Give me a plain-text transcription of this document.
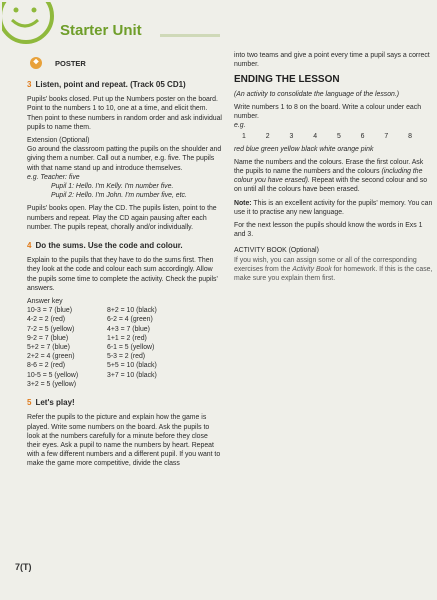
Starter Unit
❖	POSTER
3 Listen, point and repeat. (Track 05 CD1)

Pupils' books closed. Put up the Numbers poster on the board. Point to the numbers 1 to 10, one at a time, and elicit them. Then point to these numbers in random order and ask individual pupils to name them.

Extension (Optional)

Go around the classroom patting the pupils on the shoulder and giving them a number. Call out a number, e.g. five. The pupils with that name stand up and introduce themselves.

e.g. Teacher: five

Pupil 1: Hello. I'm Kelly. I'm number five.

Pupil 2: Hello. I'm John. I'm number five, etc.

Pupils' books open. Play the CD. The pupils listen, point to the numbers and repeat. Play the CD again pausing after each number. The pupils repeat, chorally and/or individually.

4 Do the sums. Use the code and colour.

Explain to the pupils that they have to do the sums first. Then they look at the code and colour each sum accordingly. Allow the pupils some time to complete the activity. Check the pupils' answers.

Answer key

10-3 = 7 (blue)	8+2 = 10 (black)
4-2 = 2 (red)	6-2 = 4 (green)
7-2 = 5 (yellow)	4+3 = 7 (blue)
9-2 = 7 (blue)	1+1 = 2 (red)
5+2 = 7 (blue)	6-1 = 5 (yellow)
2+2 = 4 (green)	5-3 = 2 (red)
8-6 = 2 (red)	5+5 = 10 (black)
10-5 = 5 (yellow)	3+7 = 10 (black)
3+2 = 5 (yellow)
5 Let's play!

Refer the pupils to the picture and explain how the game is played. Write some numbers on the board. Ask the pupils to look at the numbers carefully for a minute before they close their eyes. Ask a pupil to name the numbers by heart. Repeat with a few different numbers and a different pupil. If you want to make the game more competitive, divide the class

into two teams and give a point every time a pupil says a correct number.

ENDING THE LESSON

(An activity to consolidate the language of the lesson.)

Write numbers 1 to 8 on the board. Write a colour under each number.

e.g.

1	2	3	4	5	6	7	8

red blue green yellow black white orange pink

Name the numbers and the colours. Erase the first colour. Ask the pupils to name the numbers and the colours (including the colour you have erased). Repeat with the second colour and so on until all the colours have been erased.

Note: This is an excellent activity for the pupils' memory. You can use it to practise any new language.

For the next lesson the pupils should know the words in Exs 1 and 3.

ACTIVITY BOOK (Optional)

If you wish, you can assign some or all of the corresponding exercises from the Activity Book for homework. If this is the case, make sure you explain them first.

7(T)
